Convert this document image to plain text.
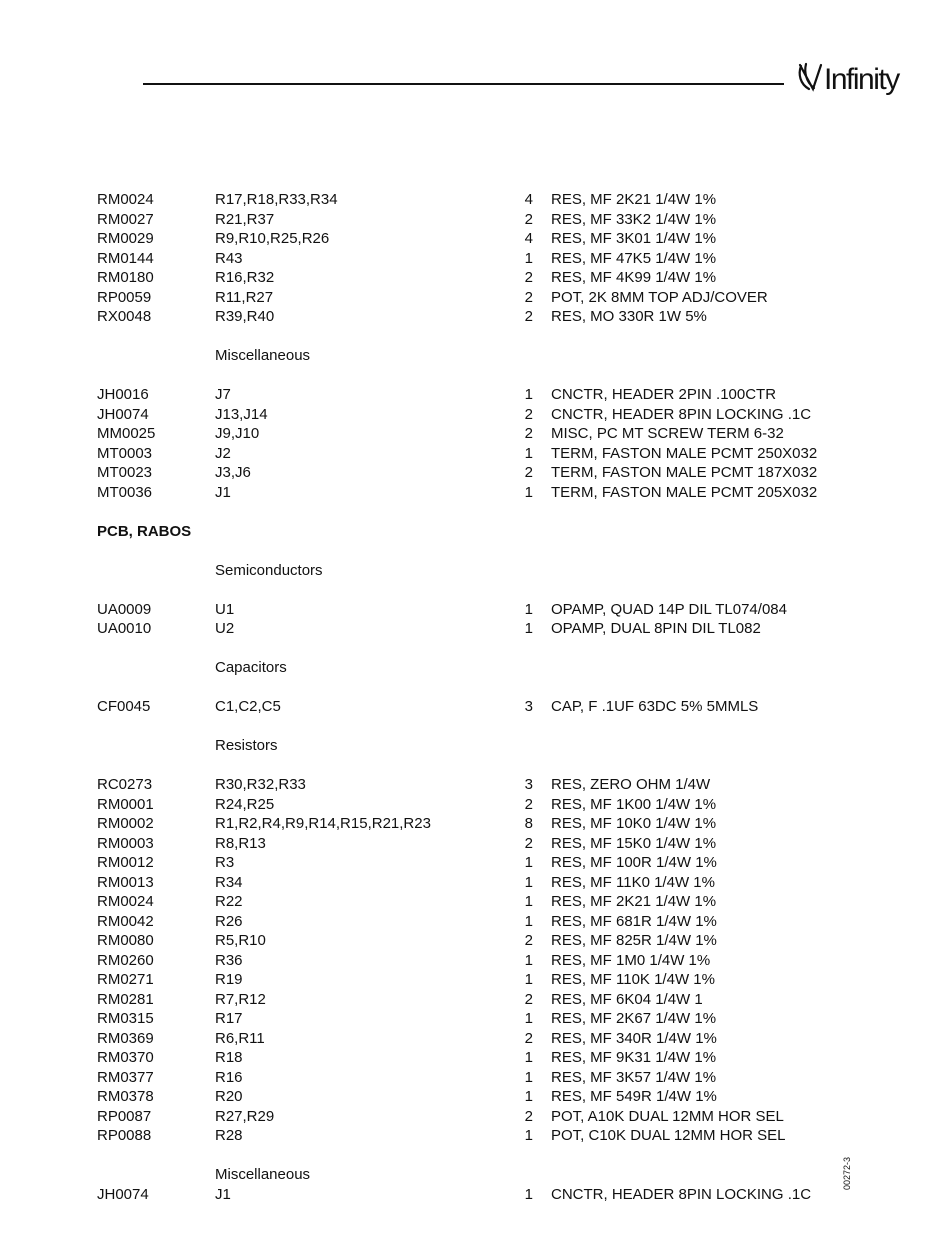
Infinity
RM0024	R17,R18,R33,R34	4 RES, MF 2K21 1/4W 1%
RM0027	R21,R37	2 RES, MF 33K2 1/4W 1%
RM0029	R9,R10,R25,R26	4 RES, MF 3K01 1/4W 1%
RM0144	R43	1 RES, MF 47K5 1/4W 1%
RM0180	R16,R32	2 RES, MF 4K99 1/4W 1%
RP0059	R11,R27	2 POT, 2K 8MM TOP ADJ/COVER
RX0048	R39,R40	2 RES, MO 330R 1W 5%
Miscellaneous
JH0016	J7	1 CNCTR, HEADER 2PIN .100CTR
JH0074	J13,J14	2 CNCTR, HEADER 8PIN LOCKING .1C
MM0025	J9,J10	2 MISC, PC MT SCREW TERM 6-32
MT0003	J2	1 TERM, FASTON MALE PCMT 250X032
MT0023	J3,J6	2 TERM, FASTON MALE PCMT 187X032
MT0036	J1	1 TERM, FASTON MALE PCMT 205X032
PCB, RABOS
Semiconductors
UA0009	U1	1 OPAMP, QUAD 14P DIL TL074/084
UA0010	U2	1 OPAMP, DUAL 8PIN DIL TL082
Capacitors
CF0045	C1,C2,C5	3 CAP, F .1UF 63DC 5% 5MMLS
Resistors
RC0273	R30,R32,R33	3 RES, ZERO OHM 1/4W
RM0001	R24,R25	2 RES, MF 1K00 1/4W 1%
RM0002	R1,R2,R4,R9,R14,R15,R21,R23	8 RES, MF 10K0 1/4W 1%
RM0003	R8,R13	2 RES, MF 15K0 1/4W 1%
RM0012	R3	1 RES, MF 100R 1/4W 1%
RM0013	R34	1 RES, MF 11K0 1/4W 1%
RM0024	R22	1 RES, MF 2K21 1/4W 1%
RM0042	R26	1 RES, MF 681R 1/4W 1%
RM0080	R5,R10	2 RES, MF 825R 1/4W 1%
RM0260	R36	1 RES, MF 1M0 1/4W 1%
RM0271	R19	1 RES, MF 110K 1/4W 1%
RM0281	R7,R12	2 RES, MF 6K04 1/4W 1
RM0315	R17	1 RES, MF 2K67 1/4W 1%
RM0369	R6,R11	2 RES, MF 340R 1/4W 1%
RM0370	R18	1 RES, MF 9K31 1/4W 1%
RM0377	R16	1 RES, MF 3K57 1/4W 1%
RM0378	R20	1 RES, MF 549R 1/4W 1%
RP0087	R27,R29	2 POT, A10K DUAL 12MM HOR SEL
RP0088	R28	1 POT, C10K DUAL 12MM HOR SEL
Miscellaneous
JH0074	J1	1 CNCTR, HEADER 8PIN LOCKING .1C
00272-3
